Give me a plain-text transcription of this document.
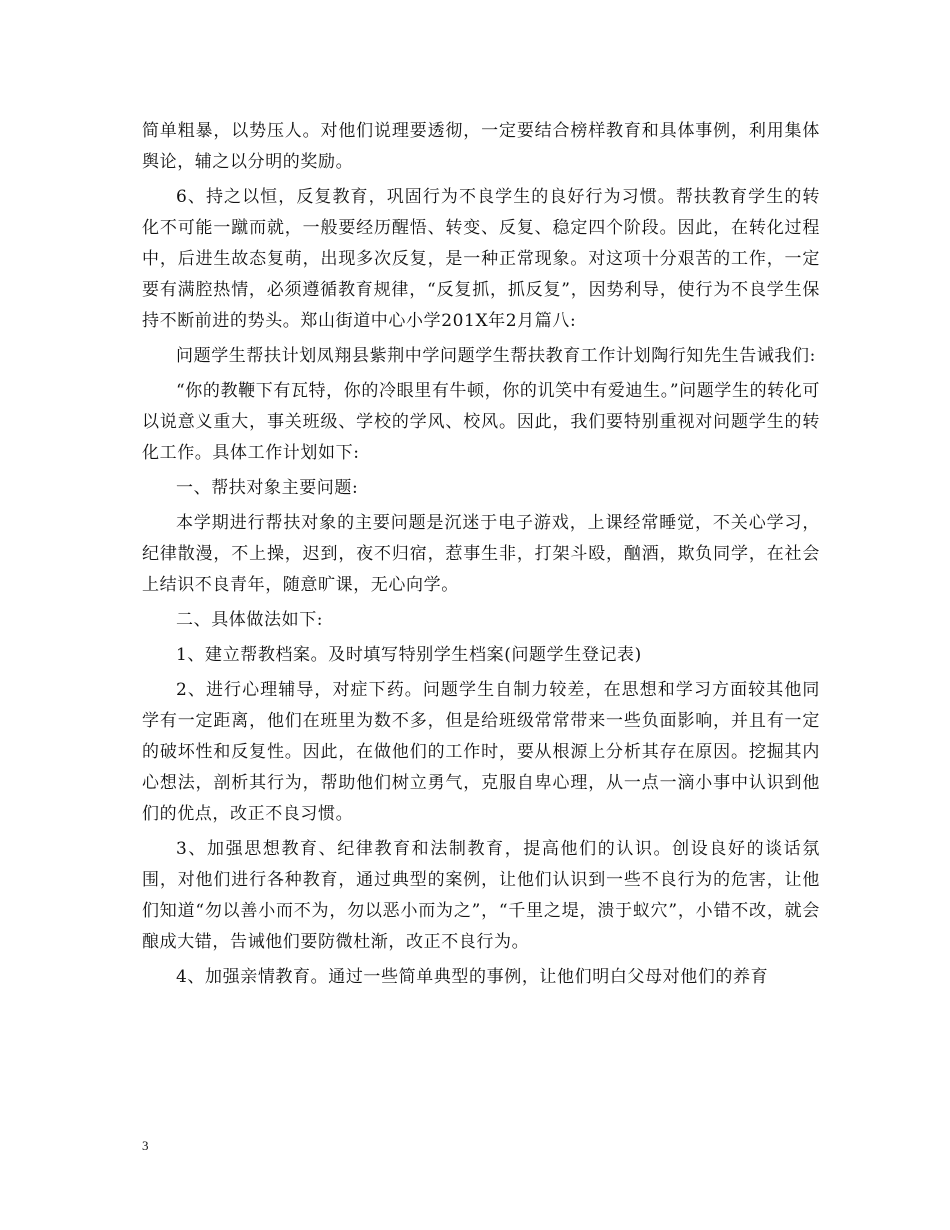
简单粗暴，以势压人。对他们说理要透彻，一定要结合榜样教育和具体事例，利用集体舆论，辅之以分明的奖励。

6、持之以恒，反复教育，巩固行为不良学生的良好行为习惯。帮扶教育学生的转化不可能一蹴而就，一般要经历醒悟、转变、反复、稳定四个阶段。因此，在转化过程中，后进生故态复萌，出现多次反复，是一种正常现象。对这项十分艰苦的工作，一定要有满腔热情，必须遵循教育规律，“反复抓，抓反复”，因势利导，使行为不良学生保持不断前进的势头。郑山街道中心小学201X年2月篇八:

问题学生帮扶计划凤翔县紫荆中学问题学生帮扶教育工作计划陶行知先生告诫我们:

“你的教鞭下有瓦特，你的冷眼里有牛顿，你的讥笑中有爱迪生。”问题学生的转化可以说意义重大，事关班级、学校的学风、校风。因此，我们要特别重视对问题学生的转化工作。具体工作计划如下:

一、帮扶对象主要问题:

本学期进行帮扶对象的主要问题是沉迷于电子游戏，上课经常睡觉，不关心学习，纪律散漫，不上操，迟到，夜不归宿，惹事生非，打架斗殴，酗酒，欺负同学，在社会上结识不良青年，随意旷课，无心向学。

二、具体做法如下:

1、建立帮教档案。及时填写特别学生档案(问题学生登记表)

2、进行心理辅导，对症下药。问题学生自制力较差，在思想和学习方面较其他同学有一定距离，他们在班里为数不多，但是给班级常常带来一些负面影响，并且有一定的破坏性和反复性。因此，在做他们的工作时，要从根源上分析其存在原因。挖掘其内心想法，剖析其行为，帮助他们树立勇气，克服自卑心理，从一点一滴小事中认识到他们的优点，改正不良习惯。

3、加强思想教育、纪律教育和法制教育，提高他们的认识。创设良好的谈话氛围，对他们进行各种教育，通过典型的案例，让他们认识到一些不良行为的危害，让他们知道“勿以善小而不为，勿以恶小而为之”，“千里之堤，溃于蚁穴”，小错不改，就会酿成大错，告诫他们要防微杜渐，改正不良行为。

4、加强亲情教育。通过一些简单典型的事例，让他们明白父母对他们的养育

3
